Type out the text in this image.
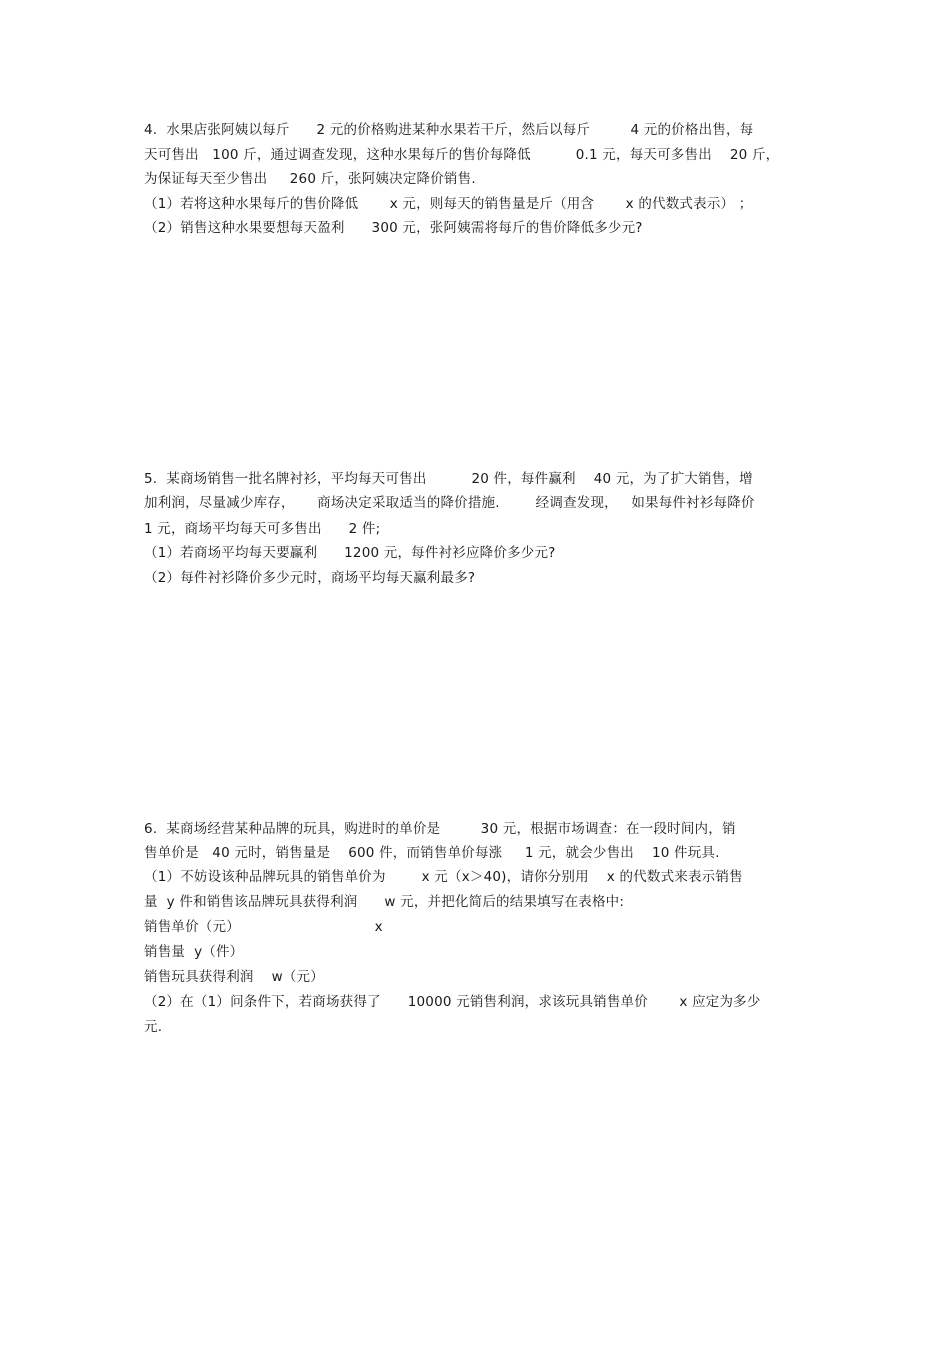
4.  水果店张阿姨以每斤      2 元的价格购进某种水果若干斤，然后以每斤         4 元的价格出售，每
天可售出   100 斤，通过调查发现，这种水果每斤的售价每降低          0.1 元，每天可多售出    20 斤，
为保证每天至少售出     260 斤，张阿姨决定降价销售.
（1）若将这种水果每斤的售价降低       x 元，则每天的销售量是斤（用含       x 的代数式表示） ；
（2）销售这种水果要想每天盈利      300 元，张阿姨需将每斤的售价降低多少元?
5.  某商场销售一批名牌衬衫，平均每天可售出          20 件，每件赢利    40 元，为了扩大销售，增
加利润，尽量减少库存，     商场决定采取适当的降价措施.        经调查发现，   如果每件衬衫每降价
1 元，商场平均每天可多售出      2 件;
（1）若商场平均每天要赢利      1200 元，每件衬衫应降价多少元?
（2）每件衬衫降价多少元时，商场平均每天赢利最多?
6.  某商场经营某种品牌的玩具，购进时的单价是         30 元，根据市场调查：在一段时间内，销
售单价是   40 元时，销售量是    600 件，而销售单价每涨     1 元，就会少售出    10 件玩具.
（1）不妨设该种品牌玩具的销售单价为        x 元（x＞40)，请你分别用    x 的代数式来表示销售
量  y 件和销售该品牌玩具获得利润      w 元，并把化简后的结果填写在表格中:
销售单价（元）                              x
销售量  y（件）
销售玩具获得利润    w（元）
（2）在（1）问条件下，若商场获得了      10000 元销售利润，求该玩具销售单价       x 应定为多少
元.
